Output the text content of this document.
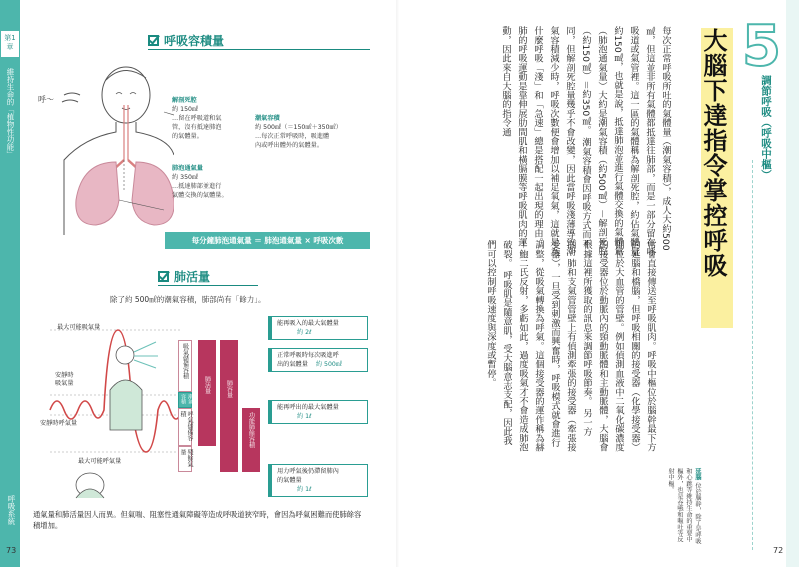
第1章
維持生命的「植物性功能」
呼吸系統
73
呼吸容積量
呼～	解剖死腔
約 150㎖
…留在呼吸道和氣
管，沒有抵達肺泡
的氣體量。
肺泡通氣量
約 350㎖
…抵達肺部並進行
氣體交換的氣體量。
潮氣容積
約 500㎖（＝150㎖＋350㎖）
…每次正常呼吸時，吸進體
內或呼出體外的氣體量。
每分鐘肺泡通氣量 ＝ 肺泡通氣量 × 呼吸次數
肺活量
除了約 500㎖的潮氣容積，肺部尚有「餘力」。
最大可能吸氣量
安靜時
吸氣量
安靜時呼氣量
最大可能呼氣量
吸氣儲備容積
潮氣容積
呼氣儲備容積
殘餘氣量
肺活量	肺容量
功能肺餘容積
能再吸入的最大氣體量
約 2ℓ
正常呼吸時每次吸進呼
出的氣體量 約 500㎖
能再呼出的最大氣體量
約 1ℓ
用力呼氣後仍滯留肺內
的氣體量
約 1ℓ
通氣量和肺活量因人而異。但氣喘、阻塞性通氣障礙等造成呼吸道狹窄時，會因為呼氣困難而使肺餘容積增加。
5
調節呼吸（呼吸中樞）
大腦下達指令掌控呼吸
每次正常呼吸所吐的氣體量（潮氣容積），成人大約500㎖，但這並非所有氣體都抵達往肺部，而是一部分留在呼吸道或氣管裡。這一區的氣體稱為解剖死腔，約佔氣體量約150㎖，也就是說，抵達肺泡並進行氣體交換的氣體量（肺泡通氣量）大約是潮氣容積（約500㎖）－解剖死腔（約150㎖）＝約350㎖。 潮氣容積會因呼吸方式而不同，但解剖死腔量幾乎不會改變，因此當呼吸淺薄導致潮氣容積減少時，呼吸次數便會增加以補足氧氣，這就是為什麼呼吸「淺」和「急速」總是搭配一起出現的理由。 肺的呼吸運動是靠伸展肋間肌和橫膈膜等呼吸肌肉的運動，因此來自大腦的指令通
常會直接傳送至呼吸肌肉。呼吸中樞位於腦幹最下方的延腦和橋腦，但呼吸相關的接受器（化學接受器）則位於大血管的管壁。例如偵測血液中二氧化碳濃度的接受器位於動脈內的頸動脈體和主動脈體，大腦會根據這裡所獲取的訊息來調節呼吸節奏。 另一方面，肺和支氣管管壁上有偵測牽張的接受器（牽張接受器），一旦受到刺激而興奮時，呼吸模式就會進行調整，從吸氣轉換為呼氣。這個接受器的運作稱為赫－鮑二氏反射，多虧如此，過度吸氣才不會造成肺泡破裂。 呼吸肌是隨意肌，受大腦意志支配，因此我們可以控制呼吸速度與深度或暫停。
延腦 位於腦幹，除了是呼吸和心跳等維持生命的重要中樞外，也是吞嚥和嘔吐等反射中樞。
72
